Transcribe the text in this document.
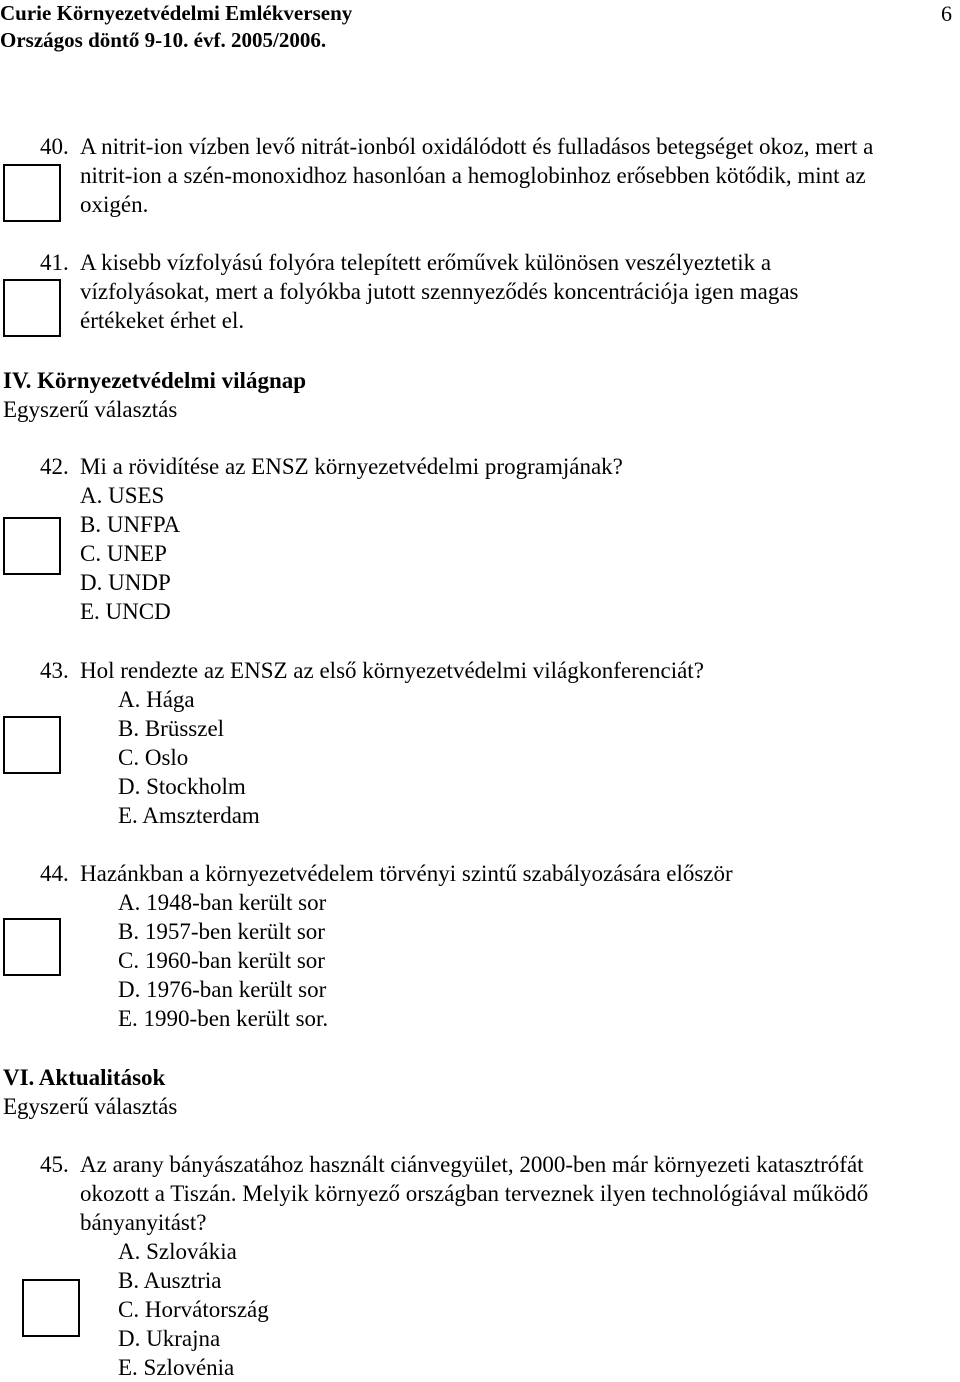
Curie Környezetvédelmi Emlékverseny
Országos döntő 9-10. évf. 2005/2006.
6
40. A nitrit-ion vízben levő nitrát-ionból oxidálódott és fulladásos betegséget okoz, mert a
nitrit-ion a szén-monoxidhoz hasonlóan a hemoglobinhoz erősebben kötődik, mint az
oxigén.
41. A kisebb vízfolyású folyóra telepített erőművek különösen veszélyeztetik a
vízfolyásokat, mert a folyókba jutott szennyeződés koncentrációja igen magas
értékeket érhet el.
IV. Környezetvédelmi világnap
Egyszerű választás
42. Mi a rövidítése az ENSZ környezetvédelmi programjának?
A. USES
B. UNFPA
C. UNEP
D. UNDP
E. UNCD
43. Hol rendezte az ENSZ az első környezetvédelmi világkonferenciát?
A. Hága
B. Brüsszel
C. Oslo
D. Stockholm
E. Amszterdam
44. Hazánkban a környezetvédelem törvényi szintű szabályozására először
A. 1948-ban került sor
B. 1957-ben került sor
C. 1960-ban került sor
D. 1976-ban került sor
E. 1990-ben került sor.
VI. Aktualitások
Egyszerű választás
45. Az arany bányászatához használt ciánvegyület, 2000-ben már környezeti katasztrófát
okozott a Tiszán. Melyik környező országban terveznek ilyen technológiával működő
bányanyitást?
A. Szlovákia
B. Ausztria
C. Horvátország
D. Ukrajna
E. Szlovénia
